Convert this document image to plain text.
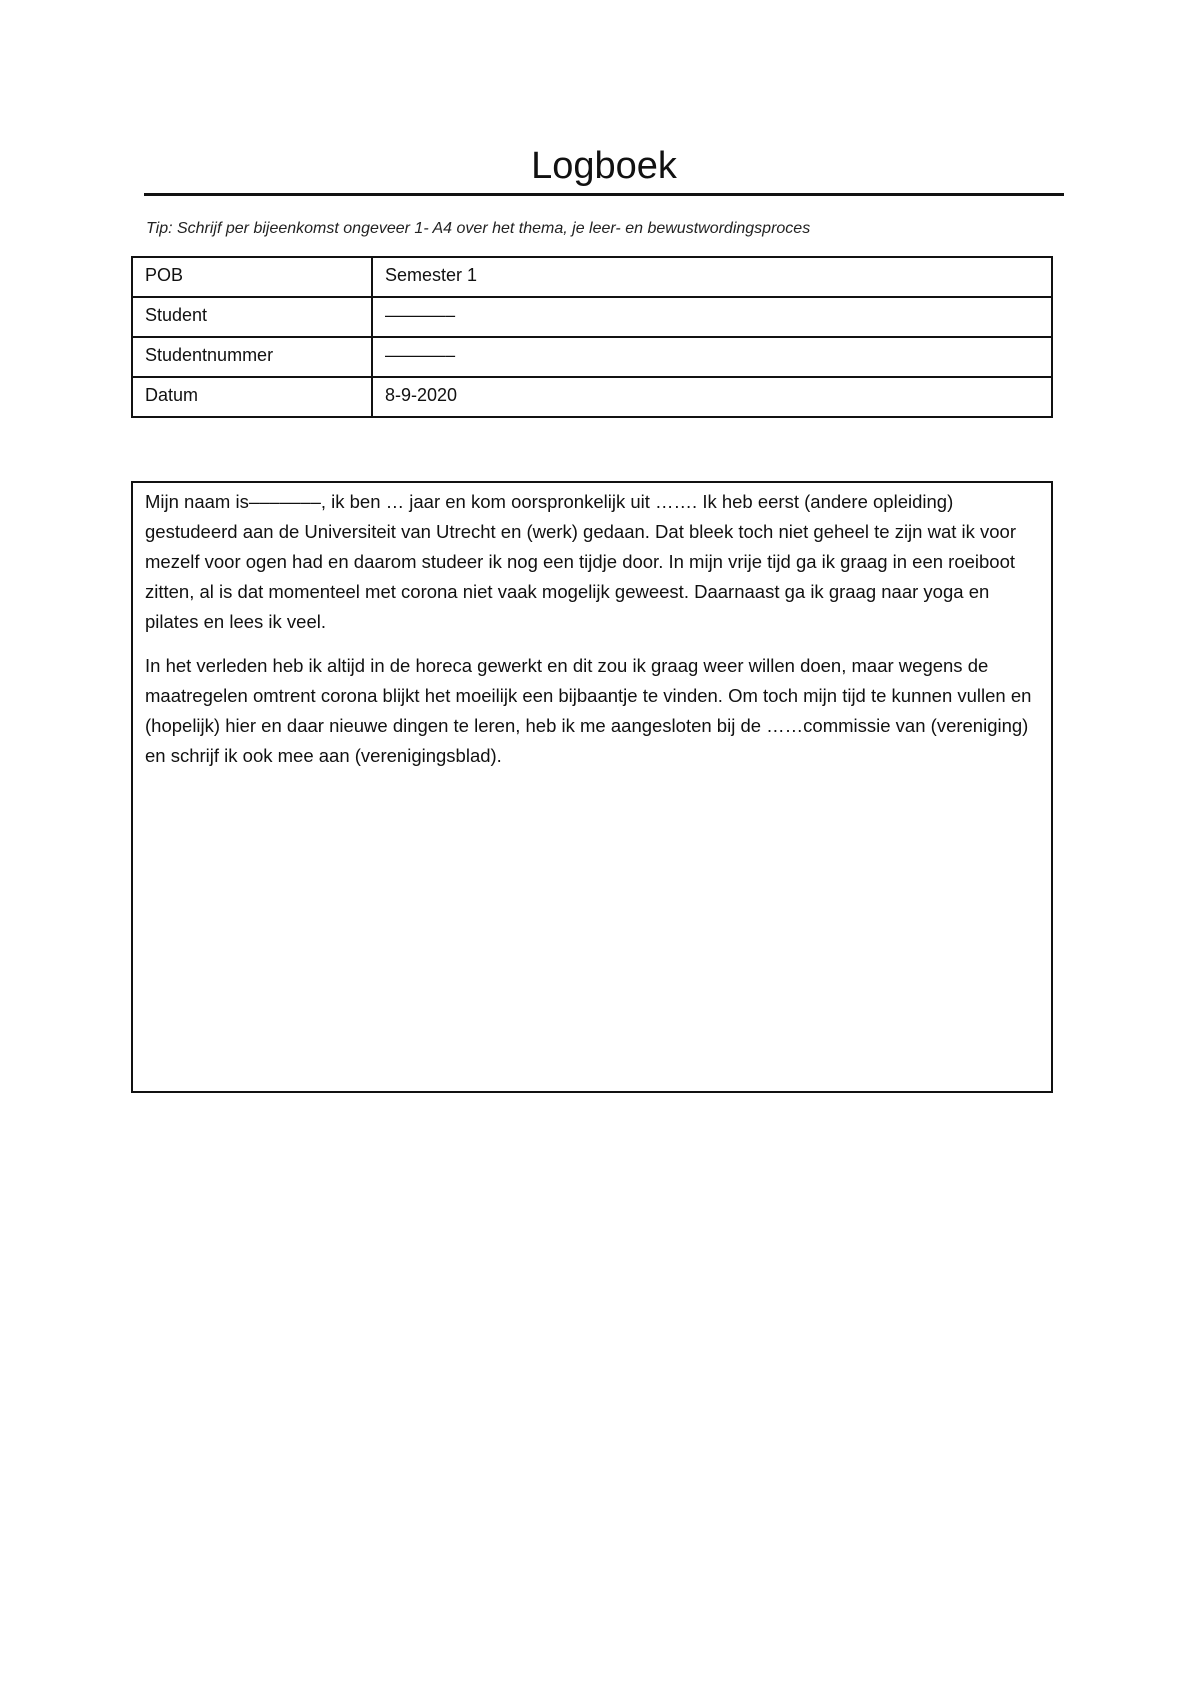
Logboek
Tip: Schrijf per bijeenkomst ongeveer 1- A4 over het thema, je leer- en bewustwordingsproces
POB	Semester 1
Student	–––––––
Studentnummer	–––––––
Datum	8-9-2020

Mijn naam is–––––––, ik ben … jaar en kom oorspronkelijk uit ……. Ik heb eerst (andere opleiding) gestudeerd aan de Universiteit van Utrecht en (werk) gedaan. Dat bleek toch niet geheel te zijn wat ik voor mezelf voor ogen had en daarom studeer ik nog een tijdje door. In mijn vrije tijd ga ik graag in een roeiboot zitten, al is dat momenteel met corona niet vaak mogelijk geweest. Daarnaast ga ik graag naar yoga en pilates en lees ik veel.

In het verleden heb ik altijd in de horeca gewerkt en dit zou ik graag weer willen doen, maar wegens de maatregelen omtrent corona blijkt het moeilijk een bijbaantje te vinden. Om toch mijn tijd te kunnen vullen en (hopelijk) hier en daar nieuwe dingen te leren, heb ik me aangesloten bij de ……commissie van (vereniging) en schrijf ik ook mee aan (verenigingsblad).
